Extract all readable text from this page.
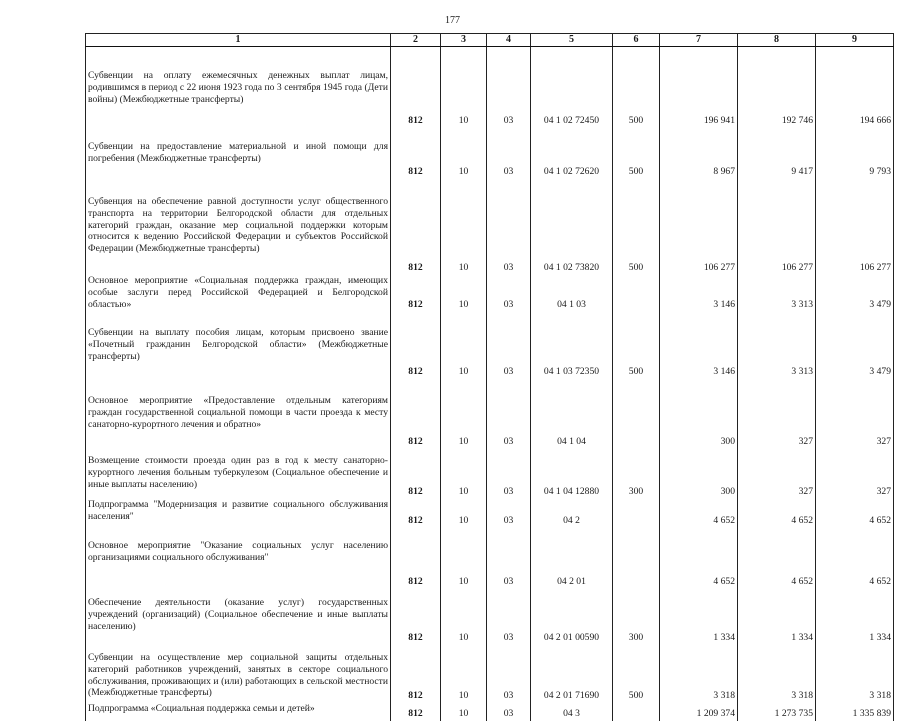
177
1	2	3	4	5	6	7	8	9

Субвенции на оплату ежемесячных денежных выплат лицам, родившимся в период с 22 июня 1923 года по 3 сентября 1945 года (Дети войны) (Межбюджетные трансферты)	812	10	03	04 1 02 72450	500	196 941	192 746	194 666

Субвенции на предоставление материальной и иной помощи для погребения (Межбюджетные трансферты)	812	10	03	04 1 02 72620	500	8 967	9 417	9 793

Субвенция на обеспечение равной доступности услуг общественного транспорта на территории Белгородской области для отдельных категорий граждан, оказание мер социальной поддержки которым относится к ведению Российской Федерации и субъектов Российской Федерации (Межбюджетные трансферты)	812	10	03	04 1 02 73820	500	106 277	106 277	106 277

Основное мероприятие «Социальная поддержка граждан, имеющих особые заслуги перед Российской Федерацией и Белгородской областью»	812	10	03	04 1 03		3 146	3 313	3 479

Субвенции на выплату пособия лицам, которым присвоено звание «Почетный гражданин Белгородской области» (Межбюджетные трансферты)	812	10	03	04 1 03 72350	500	3 146	3 313	3 479

Основное мероприятие «Предоставление отдельным категориям граждан государственной социальной помощи в части проезда к месту санаторно-курортного лечения и обратно»	812	10	03	04 1 04		300	327	327

Возмещение стоимости проезда один раз в год к месту санаторно-курортного лечения больным туберкулезом (Социальное обеспечение и иные выплаты населению)	812	10	03	04 1 04 12880	300	300	327	327

Подпрограмма "Модернизация и развитие социального обслуживания населения"	812	10	03	04 2		4 652	4 652	4 652

Основное мероприятие "Оказание социальных услуг населению организациями социального обслуживания"	812	10	03	04 2 01		4 652	4 652	4 652

Обеспечение деятельности (оказание услуг) государственных учреждений (организаций) (Социальное обеспечение и иные выплаты населению)	812	10	03	04 2 01 00590	300	1 334	1 334	1 334

Субвенции на осуществление мер социальной защиты отдельных категорий работников учреждений, занятых в секторе социального обслуживания, проживающих и (или) работающих в сельской местности (Межбюджетные трансферты)	812	10	03	04 2 01 71690	500	3 318	3 318	3 318

Подпрограмма «Социальная поддержка семьи и детей»	812	10	03	04 3		1 209 374	1 273 735	1 335 839
